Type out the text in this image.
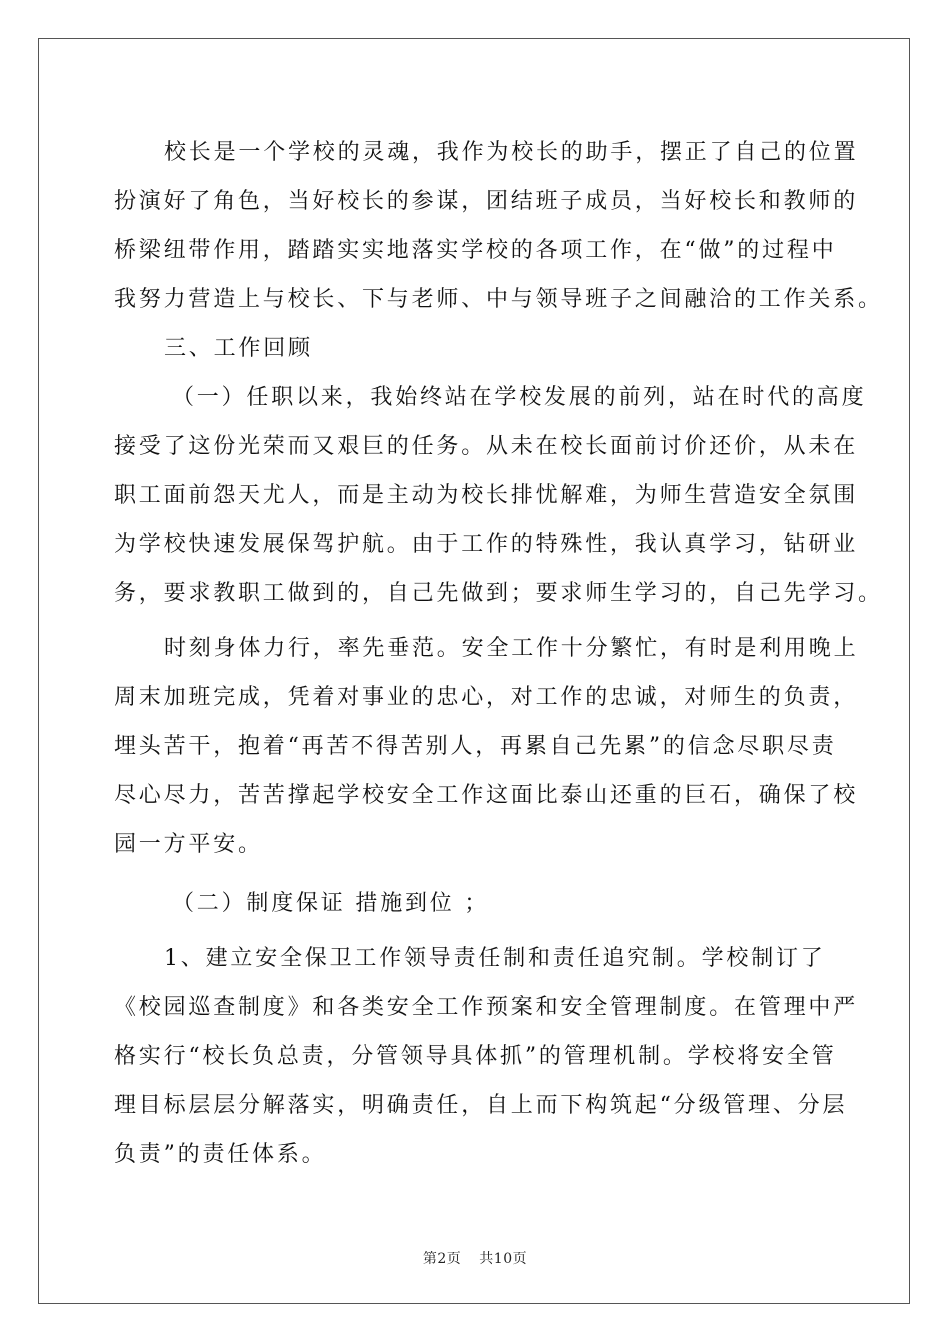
校长是一个学校的灵魂，我作为校长的助手，摆正了自己的位置
扮演好了角色，当好校长的参谋，团结班子成员，当好校长和教师的
桥梁纽带作用，踏踏实实地落实学校的各项工作，在“做”的过程中
我努力营造上与校长、下与老师、中与领导班子之间融洽的工作关系。
三、工作回顾
（一）任职以来，我始终站在学校发展的前列，站在时代的高度
接受了这份光荣而又艰巨的任务。从未在校长面前讨价还价，从未在
职工面前怨天尤人，而是主动为校长排忧解难，为师生营造安全氛围
为学校快速发展保驾护航。由于工作的特殊性，我认真学习，钻研业
务，要求教职工做到的，自己先做到；要求师生学习的，自己先学习。
时刻身体力行，率先垂范。安全工作十分繁忙，有时是利用晚上
周末加班完成，凭着对事业的忠心，对工作的忠诚，对师生的负责，
埋头苦干，抱着“再苦不得苦别人，再累自己先累”的信念尽职尽责
尽心尽力，苦苦撑起学校安全工作这面比泰山还重的巨石，确保了校
园一方平安。
（二）制度保证 措施到位 ；
1、建立安全保卫工作领导责任制和责任追究制。学校制订了
《校园巡查制度》和各类安全工作预案和安全管理制度。在管理中严
格实行“校长负总责，分管领导具体抓”的管理机制。学校将安全管
理目标层层分解落实，明确责任，自上而下构筑起“分级管理、分层
负责”的责任体系。
第2页 共10页
